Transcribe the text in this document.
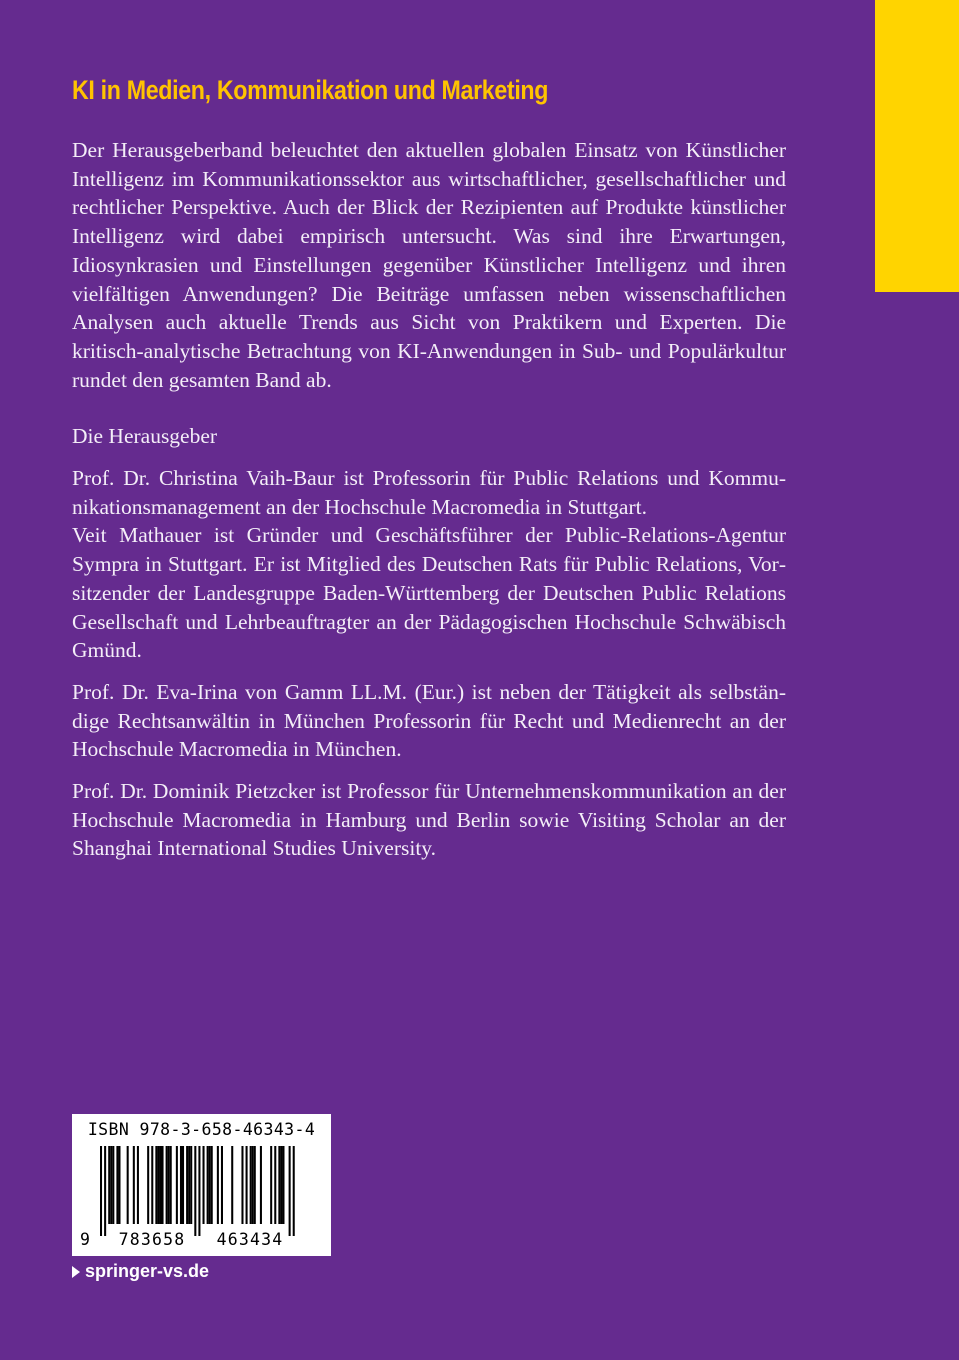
KI in Medien, Kommunikation und Marketing

Der Herausgeberband beleuchtet den aktuellen globalen Einsatz von Künstlicher Intelligenz im Kommunikationssektor aus wirtschaftlicher, gesellschaftlicher und rechtlicher Perspektive. Auch der Blick der Rezipienten auf Produkte künstlicher Intelligenz wird dabei empirisch untersucht. Was sind ihre Erwartungen, Idiosynkrasien und Einstellungen gegenüber Künstlicher Intelligenz und ihren vielfältigen Anwendungen? Die Beiträge umfassen neben wissenschaftlichen Analysen auch aktuelle Trends aus Sicht von Praktikern und Experten. Die kritisch-analytische Betrachtung von KI-Anwendungen in Sub- und Populärkultur rundet den gesamten Band ab.

Die Herausgeber

Prof. Dr. Christina Vaih-Baur ist Professorin für Public Relations und Kommunikationsmanagement an der Hochschule Macromedia in Stuttgart.

Veit Mathauer ist Gründer und Geschäftsführer der Public-Relations-Agentur Sympra in Stuttgart. Er ist Mitglied des Deutschen Rats für Public Relations, Vorsitzender der Landesgruppe Baden-Württemberg der Deutschen Public Relations Gesellschaft und Lehrbeauftragter an der Pädagogischen Hochschule Schwäbisch Gmünd.

Prof. Dr. Eva-Irina von Gamm LL.M. (Eur.) ist neben der Tätigkeit als selbständige Rechtsanwältin in München Professorin für Recht und Medienrecht an der Hochschule Macromedia in München.

Prof. Dr. Dominik Pietzcker ist Professor für Unternehmenskommunikation an der Hochschule Macromedia in Hamburg und Berlin sowie Visiting Scholar an der Shanghai International Studies University.

ISBN 978-3-658-46343-4
9	783658	463434
springer-vs.de
